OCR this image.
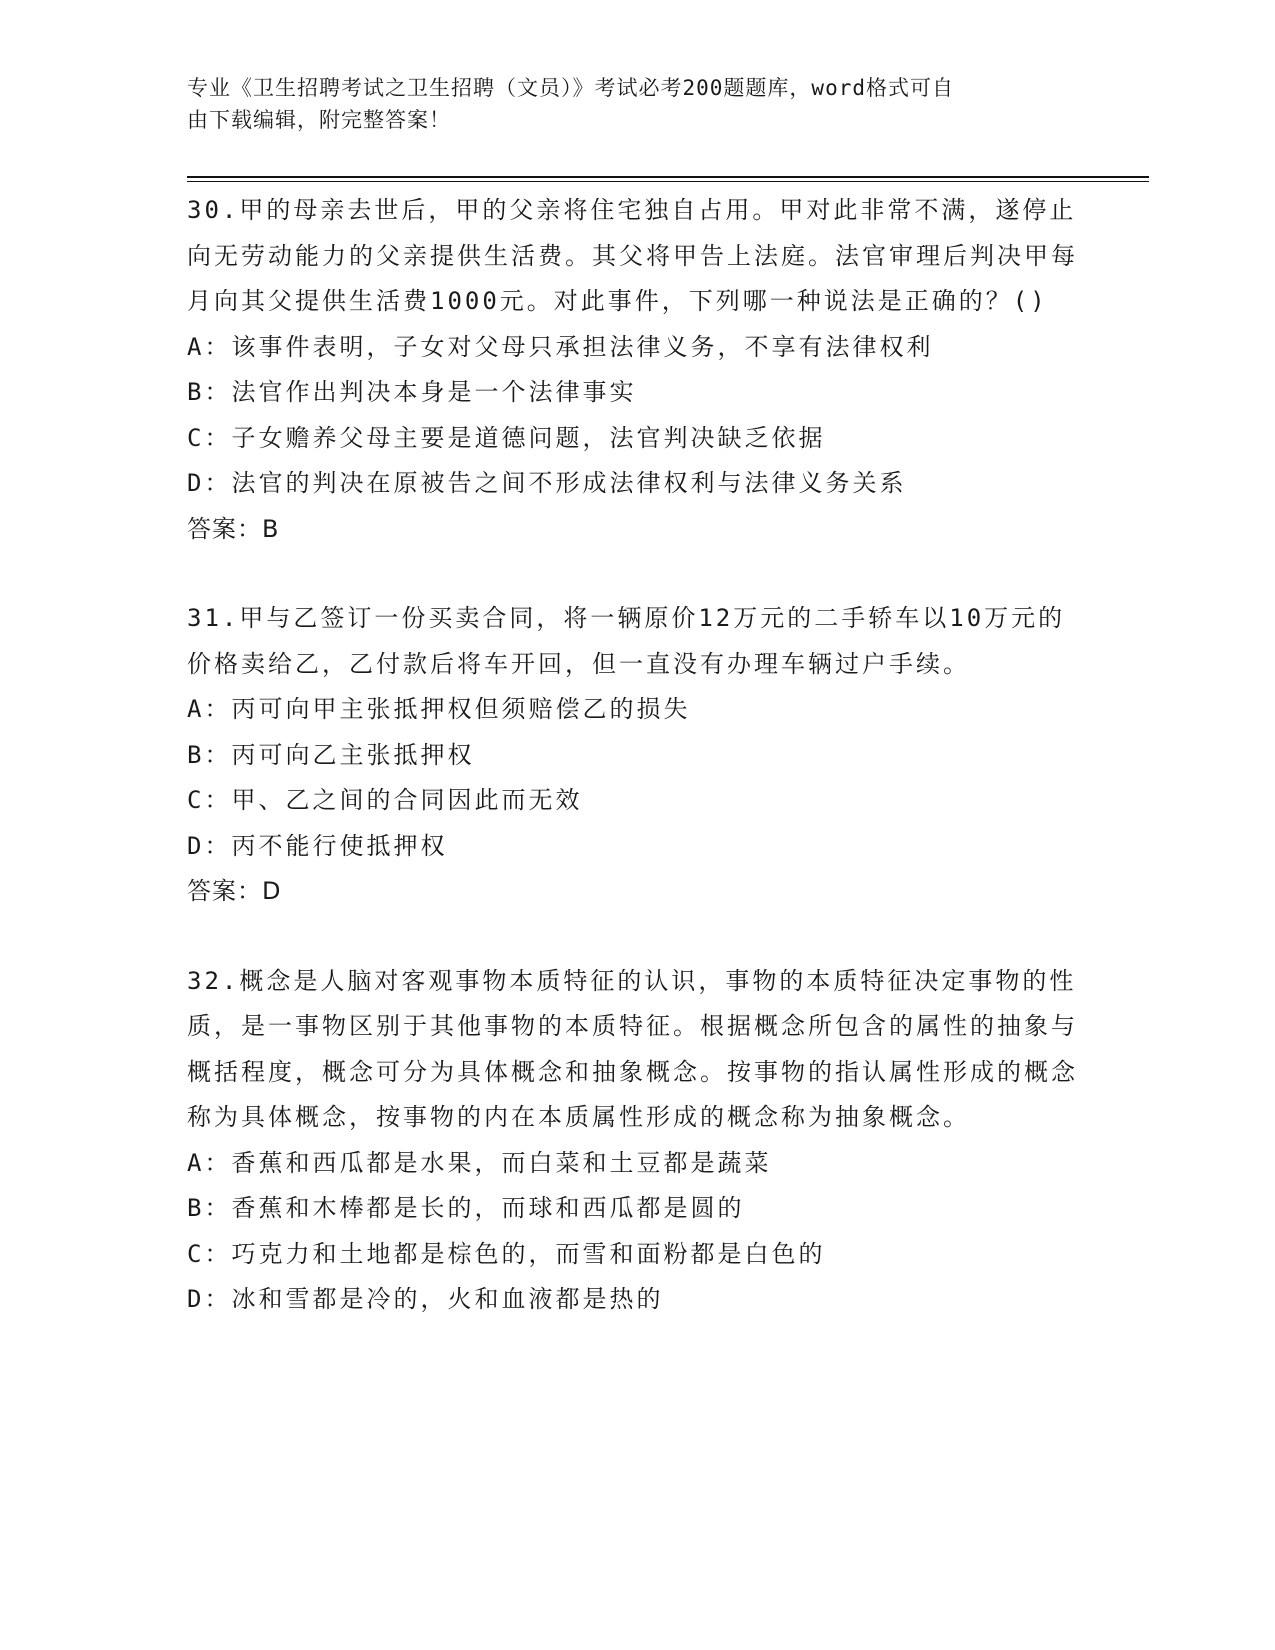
专业《卫生招聘考试之卫生招聘（文员）》考试必考200题题库，word格式可自
由下载编辑，附完整答案！
30.甲的母亲去世后，甲的父亲将住宅独自占用。甲对此非常不满，遂停止向无劳动能力的父亲提供生活费。其父将甲告上法庭。法官审理后判决甲每月向其父提供生活费1000元。对此事件，下列哪一种说法是正确的？()
A：该事件表明，子女对父母只承担法律义务，不享有法律权利
B：法官作出判决本身是一个法律事实
C：子女赡养父母主要是道德问题，法官判决缺乏依据
D：法官的判决在原被告之间不形成法律权利与法律义务关系
答案：B
31.甲与乙签订一份买卖合同，将一辆原价12万元的二手轿车以10万元的价格卖给乙，乙付款后将车开回，但一直没有办理车辆过户手续。
A：丙可向甲主张抵押权但须赔偿乙的损失
B：丙可向乙主张抵押权
C：甲、乙之间的合同因此而无效
D：丙不能行使抵押权
答案：D
32.概念是人脑对客观事物本质特征的认识，事物的本质特征决定事物的性质，是一事物区别于其他事物的本质特征。根据概念所包含的属性的抽象与概括程度，概念可分为具体概念和抽象概念。按事物的指认属性形成的概念称为具体概念，按事物的内在本质属性形成的概念称为抽象概念。
A：香蕉和西瓜都是水果，而白菜和土豆都是蔬菜
B：香蕉和木棒都是长的，而球和西瓜都是圆的
C：巧克力和土地都是棕色的，而雪和面粉都是白色的
D：冰和雪都是冷的，火和血液都是热的
